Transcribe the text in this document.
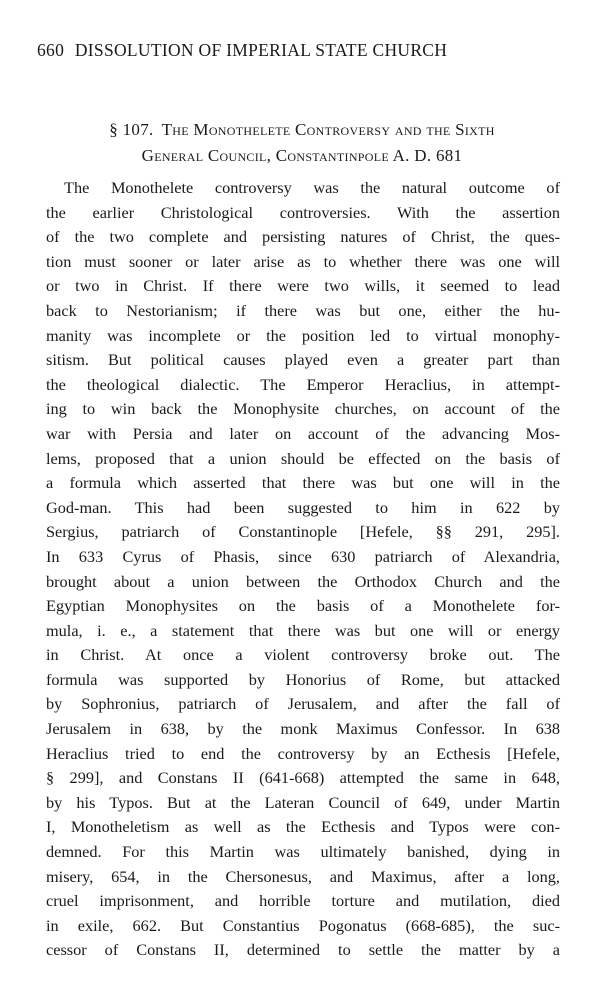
660 DISSOLUTION OF IMPERIAL STATE CHURCH
§ 107. The Monothelete Controversy and the Sixth
General Council, Constantinpole A. D. 681
The Monothelete controversy was the natural outcome of
the earlier Christological controversies. With the assertion
of the two complete and persisting natures of Christ, the ques-
tion must sooner or later arise as to whether there was one will
or two in Christ. If there were two wills, it seemed to lead
back to Nestorianism; if there was but one, either the hu-
manity was incomplete or the position led to virtual monophy-
sitism. But political causes played even a greater part than
the theological dialectic. The Emperor Heraclius, in attempt-
ing to win back the Monophysite churches, on account of the
war with Persia and later on account of the advancing Mos-
lems, proposed that a union should be effected on the basis of
a formula which asserted that there was but one will in the
God-man. This had been suggested to him in 622 by
Sergius, patriarch of Constantinople [Hefele, §§ 291, 295].
In 633 Cyrus of Phasis, since 630 patriarch of Alexandria,
brought about a union between the Orthodox Church and the
Egyptian Monophysites on the basis of a Monothelete for-
mula, i. e., a statement that there was but one will or energy
in Christ. At once a violent controversy broke out. The
formula was supported by Honorius of Rome, but attacked
by Sophronius, patriarch of Jerusalem, and after the fall of
Jerusalem in 638, by the monk Maximus Confessor. In 638
Heraclius tried to end the controversy by an Ecthesis [Hefele,
§ 299], and Constans II (641-668) attempted the same in 648,
by his Typos. But at the Lateran Council of 649, under Martin
I, Monotheletism as well as the Ecthesis and Typos were con-
demned. For this Martin was ultimately banished, dying in
misery, 654, in the Chersonesus, and Maximus, after a long,
cruel imprisonment, and horrible torture and mutilation, died
in exile, 662. But Constantius Pogonatus (668-685), the suc-
cessor of Constans II, determined to settle the matter by a
